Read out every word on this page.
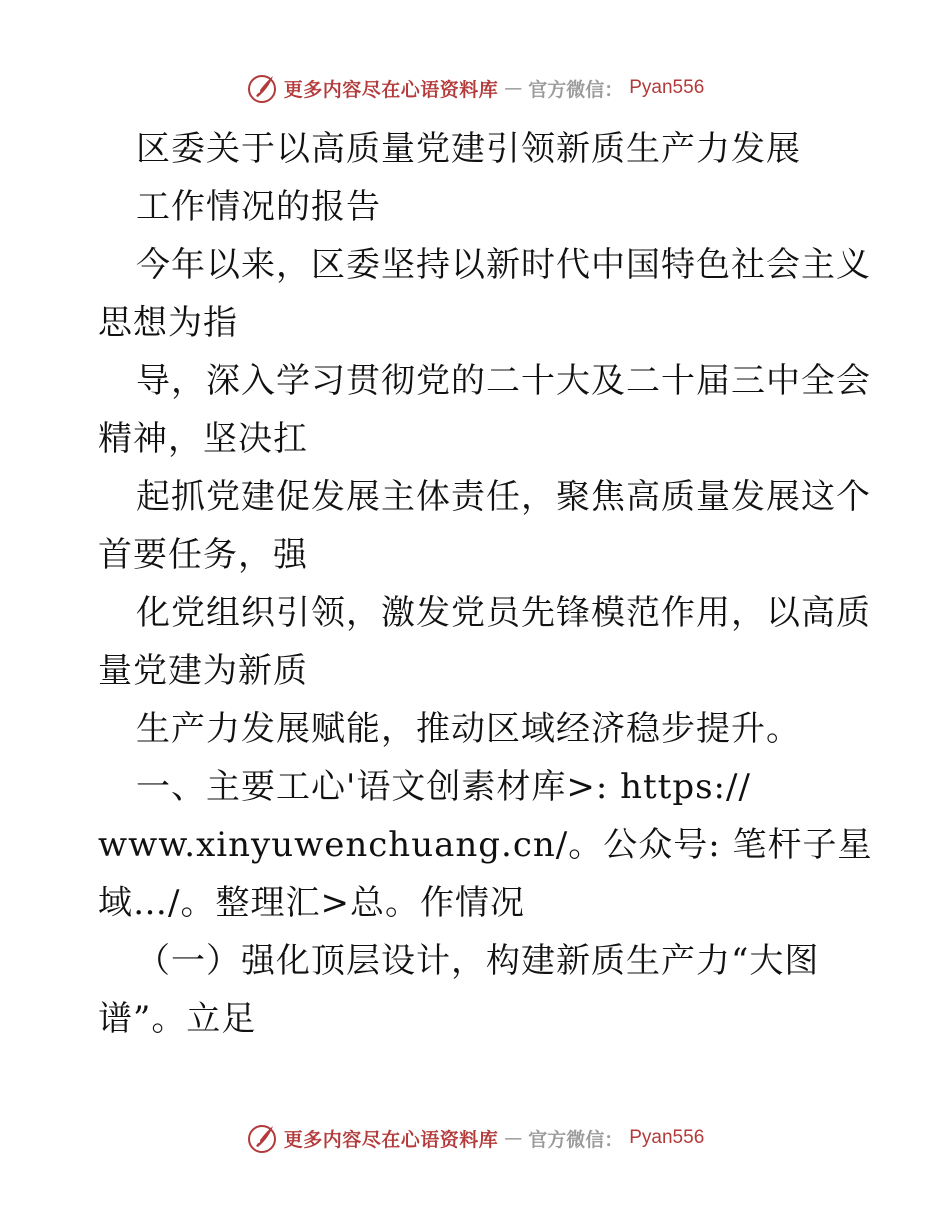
更多内容尽在心语资料库 — 官方微信： Pyan556
区委关于以高质量党建引领新质生产力发展
工作情况的报告
今年以来，区委坚持以新时代中国特色社会主义
思想为指
导，深入学习贯彻党的二十大及二十届三中全会
精神，坚决扛
起抓党建促发展主体责任，聚焦高质量发展这个
首要任务，强
化党组织引领，激发党员先锋模范作用，以高质
量党建为新质
生产力发展赋能，推动区域经济稳步提升。
一、主要工心'语文创素材库>: https://
www.xinyuwenchuang.cn/。公众号: 笔杆子星
域…/。整理汇>总。作情况
（一）强化顶层设计，构建新质生产力“大图
谱”。立足
更多内容尽在心语资料库 — 官方微信： Pyan556
